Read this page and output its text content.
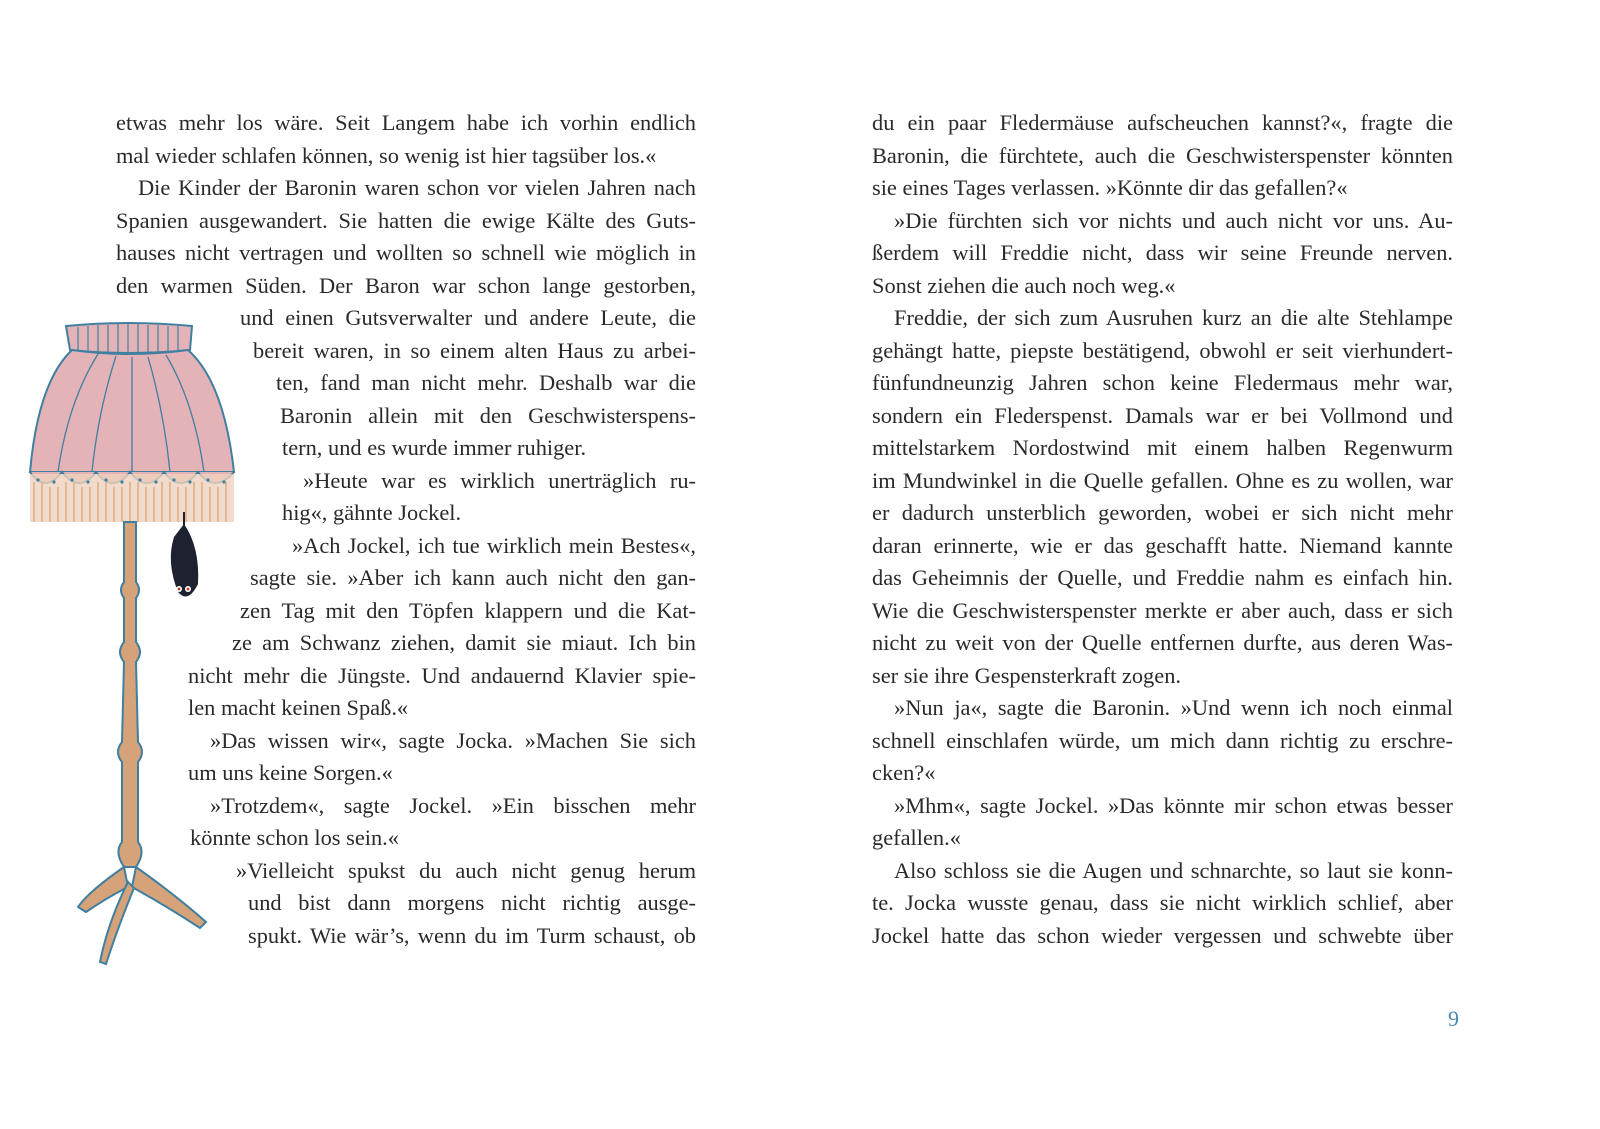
etwas mehr los wäre. Seit Langem habe ich vorhin endlich
mal wieder schlafen können, so wenig ist hier tagsüber los.«
Die Kinder der Baronin waren schon vor vielen Jahren nach
Spanien ausgewandert. Sie hatten die ewige Kälte des Guts-
hauses nicht vertragen und wollten so schnell wie möglich in
den warmen Süden. Der Baron war schon lange gestorben,
und einen Gutsverwalter und andere Leute, die
bereit waren, in so einem alten Haus zu arbei-
ten, fand man nicht mehr. Deshalb war die
Baronin allein mit den Geschwisterspens-
tern, und es wurde immer ruhiger.
»Heute war es wirklich unerträglich ru-
hig«, gähnte Jockel.
»Ach Jockel, ich tue wirklich mein Bestes«,
sagte sie. »Aber ich kann auch nicht den gan-
zen Tag mit den Töpfen klappern und die Kat-
ze am Schwanz ziehen, damit sie miaut. Ich bin
nicht mehr die Jüngste. Und andauernd Klavier spie-
len macht keinen Spaß.«
»Das wissen wir«, sagte Jocka. »Machen Sie sich
um uns keine Sorgen.«
»Trotzdem«, sagte Jockel. »Ein bisschen mehr
könnte schon los sein.«
»Vielleicht spukst du auch nicht genug herum
und bist dann morgens nicht richtig ausge-
spukt. Wie wär’s, wenn du im Turm schaust, ob
du ein paar Fledermäuse aufscheuchen kannst?«, fragte die
Baronin, die fürchtete, auch die Geschwisterspenster könnten
sie eines Tages verlassen. »Könnte dir das gefallen?«
»Die fürchten sich vor nichts und auch nicht vor uns. Au-
ßerdem will Freddie nicht, dass wir seine Freunde nerven.
Sonst ziehen die auch noch weg.«
Freddie, der sich zum Ausruhen kurz an die alte Stehlampe
gehängt hatte, piepste bestätigend, obwohl er seit vierhundert-
fünfundneunzig Jahren schon keine Fledermaus mehr war,
sondern ein Flederspenst. Damals war er bei Vollmond und
mittelstarkem Nordostwind mit einem halben Regenwurm
im Mundwinkel in die Quelle gefallen. Ohne es zu wollen, war
er dadurch unsterblich geworden, wobei er sich nicht mehr
daran erinnerte, wie er das geschafft hatte. Niemand kannte
das Geheimnis der Quelle, und Freddie nahm es einfach hin.
Wie die Geschwisterspenster merkte er aber auch, dass er sich
nicht zu weit von der Quelle entfernen durfte, aus deren Was-
ser sie ihre Gespensterkraft zogen.
»Nun ja«, sagte die Baronin. »Und wenn ich noch einmal
schnell einschlafen würde, um mich dann richtig zu erschre-
cken?«
»Mhm«, sagte Jockel. »Das könnte mir schon etwas besser
gefallen.«
Also schloss sie die Augen und schnarchte, so laut sie konn-
te. Jocka wusste genau, dass sie nicht wirklich schlief, aber
Jockel hatte das schon wieder vergessen und schwebte über
9
